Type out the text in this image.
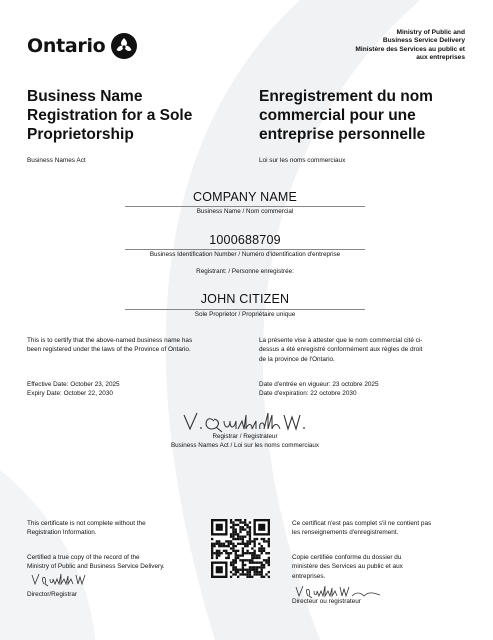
Ontario
Ministry of Public and
Business Service Delivery
Ministère des Services au public et
aux entreprises
Business Name
Registration for a Sole
Proprietorship
Enregistrement du nom
commercial pour une
entreprise personnelle
Business Names Act	Loi sur les noms commerciaux
COMPANY NAME
Business Name / Nom commercial
1000688709
Business Identification Number / Numéro d'identification d'entreprise
Registrant: / Personne enregistrée:
JOHN CITIZEN
Sole Proprietor / Propriétaire unique
This is to certify that the above-named business name has
been registered under the laws of the Province of Ontario.
La présente vise à attester que le nom commercial cité ci-
dessus a été enregistré conformément aux règles de droit
de la province de l'Ontario.
Effective Date: October 23, 2025
Expiry Date: October 22, 2030
Date d'entrée en vigueur: 23 octobre 2025
Date d'expiration: 22 octobre 2030
Registrar / Registrateur
Business Names Act / Loi sur les noms commerciaux
This certificate is not complete without the
Registration Information.
Certified a true copy of the record of the
Ministry of Public and Business Service Delivery.
Director/Registrar
Ce certificat n'est pas complet s'il ne contient pas
les renseignements d'enregistrement.
Copie certifiée conforme du dossier du
ministère des Services au public et aux
entreprises.
Directeur ou registrateur
